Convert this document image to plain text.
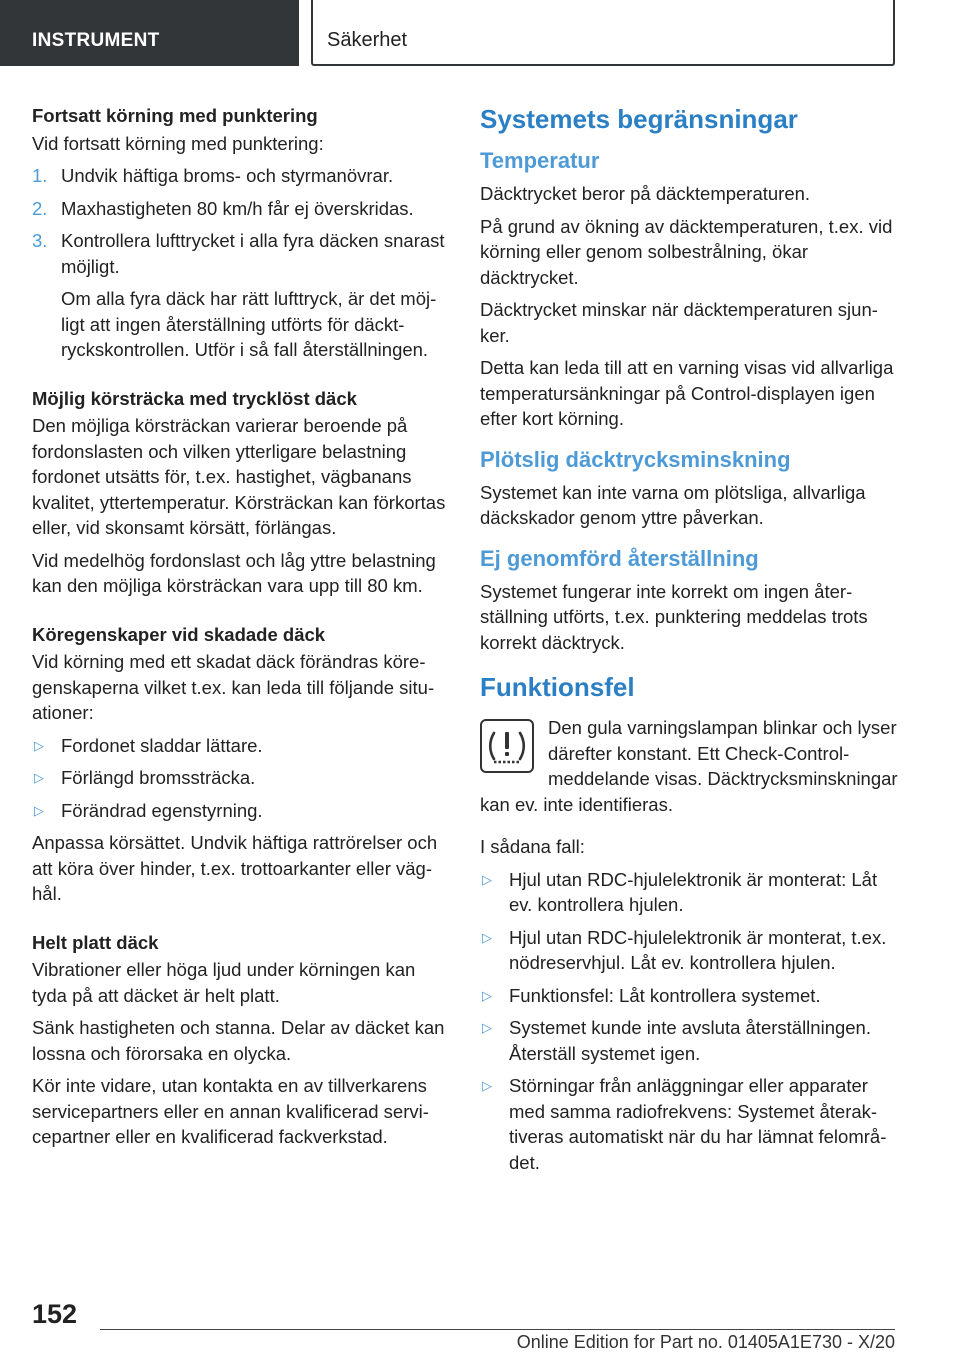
INSTRUMENT	Säkerhet
Fortsatt körning med punktering

Vid fortsatt körning med punktering:

1. Undvik häftiga broms- och styrmanövrar.
2. Maxhastigheten 80 km/h får ej överskridas.
3. Kontrollera lufttrycket i alla fyra däcken snarast möjligt.

Om alla fyra däck har rätt lufttryck, är det möjligt att ingen återställning utförts för däcktryckskontrollen. Utför i så fall återställningen.

Möjlig körsträcka med trycklöst däck

Den möjliga körsträckan varierar beroende på fordonslasten och vilken ytterligare belastning fordonet utsätts för, t.ex. hastighet, vägbanans kvalitet, yttertemperatur. Körsträckan kan förkortas eller, vid skonsamt körsätt, förlängas.

Vid medelhög fordonslast och låg yttre belastning kan den möjliga körsträckan vara upp till 80 km.

Köregenskaper vid skadade däck

Vid körning med ett skadat däck förändras köregenskaperna vilket t.ex. kan leda till följande situationer:

▷ Fordonet sladdar lättare.
▷ Förlängd bromssträcka.
▷ Förändrad egenstyrning.

Anpassa körsättet. Undvik häftiga rattrörelser och att köra över hinder, t.ex. trottoarkanter eller väghål.

Helt platt däck

Vibrationer eller höga ljud under körningen kan tyda på att däcket är helt platt.

Sänk hastigheten och stanna. Delar av däcket kan lossna och förorsaka en olycka.

Kör inte vidare, utan kontakta en av tillverkarens servicepartners eller en annan kvalificerad servicepartner eller en kvalificerad fackverkstad.

Systemets begränsningar
Temperatur

Däcktrycket beror på däcktemperaturen.

På grund av ökning av däcktemperaturen, t.ex. vid körning eller genom solbestrålning, ökar däcktrycket.

Däcktrycket minskar när däcktemperaturen sjunker.

Detta kan leda till att en varning visas vid allvarliga temperatursänkningar på Control-displayen igen efter kort körning.

Plötslig däcktrycksminskning

Systemet kan inte varna om plötsliga, allvarliga däckskador genom yttre påverkan.

Ej genomförd återställning

Systemet fungerar inte korrekt om ingen återställning utförts, t.ex. punktering meddelas trots korrekt däcktryck.

Funktionsfel

Den gula varningslampan blinkar och lyser därefter konstant. Ett Check-Control-meddelande visas. Däcktrycksminskningar kan ev. inte identifieras.

I sådana fall:

▷ Hjul utan RDC-hjulelektronik är monterat: Låt ev. kontrollera hjulen.
▷ Hjul utan RDC-hjulelektronik är monterat, t.ex. nödreservhjul. Låt ev. kontrollera hjulen.
▷ Funktionsfel: Låt kontrollera systemet.
▷ Systemet kunde inte avsluta återställningen. Återställ systemet igen.
▷ Störningar från anläggningar eller apparater med samma radiofrekvens: Systemet återaktiveras automatiskt när du har lämnat felområdet.
152
Online Edition for Part no. 01405A1E730 - X/20
